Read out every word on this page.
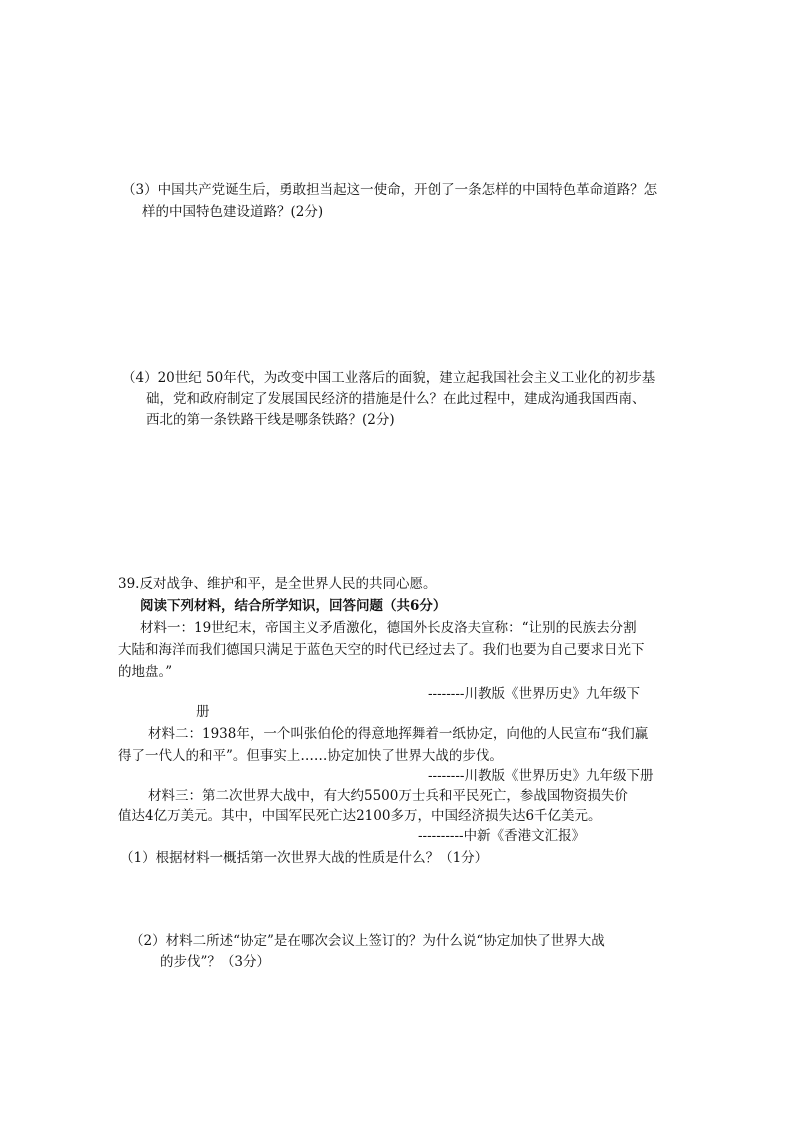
（3）中国共产党诞生后，勇敢担当起这一使命，开创了一条怎样的中国特色革命道路？怎
样的中国特色建设道路？(2分)
（4）20世纪 50年代，为改变中国工业落后的面貌，建立起我国社会主义工业化的初步基
础，党和政府制定了发展国民经济的措施是什么？在此过程中，建成沟通我国西南、
西北的第一条铁路干线是哪条铁路？(2分)
39.反对战争、维护和平，是全世界人民的共同心愿。
阅读下列材料，结合所学知识，回答问题（共6分）
材料一：19世纪末，帝国主义矛盾激化，德国外长皮洛夫宣称：“让别的民族去分割
大陆和海洋而我们德国只满足于蓝色天空的时代已经过去了。我们也要为自己要求日光下
的地盘。”
--------川教版《世界历史》九年级下
册
材料二：1938年，一个叫张伯伦的得意地挥舞着一纸协定，向他的人民宣布“我们赢
得了一代人的和平”。但事实上……协定加快了世界大战的步伐。
--------川教版《世界历史》九年级下册
材料三：第二次世界大战中，有大约5500万士兵和平民死亡，参战国物资损失价
值达4亿万美元。其中，中国军民死亡达2100多万，中国经济损失达6千亿美元。
----------中新《香港文汇报》
（1）根据材料一概括第一次世界大战的性质是什么？（1分）
（2）材料二所述“协定”是在哪次会议上签订的？为什么说“协定加快了世界大战
的步伐”？（3分）
